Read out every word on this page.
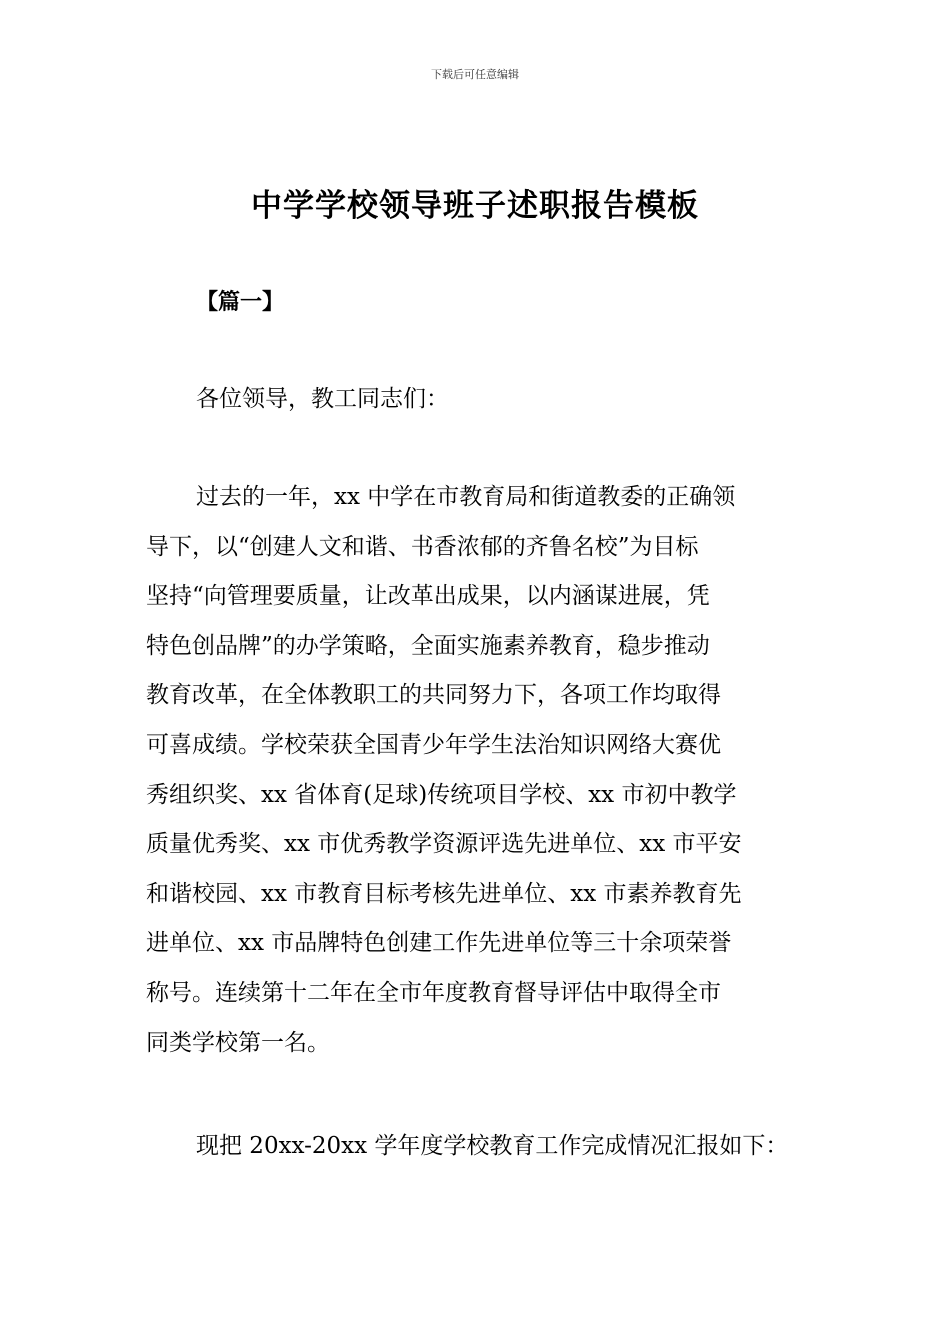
下载后可任意编辑
中学学校领导班子述职报告模板
【篇一】
各位领导，教工同志们：
过去的一年，xx 中学在市教育局和街道教委的正确领
导下，以“创建人文和谐、书香浓郁的齐鲁名校”为目标
坚持“向管理要质量，让改革出成果，以内涵谋进展，凭
特色创品牌”的办学策略，全面实施素养教育，稳步推动
教育改革，在全体教职工的共同努力下，各项工作均取得
可喜成绩。学校荣获全国青少年学生法治知识网络大赛优
秀组织奖、xx 省体育(足球)传统项目学校、xx 市初中教学
质量优秀奖、xx 市优秀教学资源评选先进单位、xx 市平安
和谐校园、xx 市教育目标考核先进单位、xx 市素养教育先
进单位、xx 市品牌特色创建工作先进单位等三十余项荣誉
称号。连续第十二年在全市年度教育督导评估中取得全市
同类学校第一名。
现把 20xx-20xx 学年度学校教育工作完成情况汇报如下：
